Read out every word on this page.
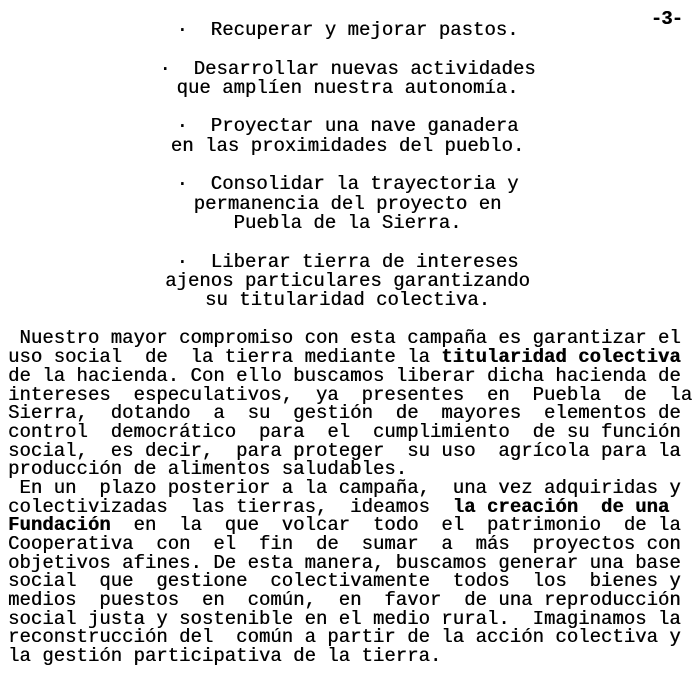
-3-
·  Recuperar y mejorar pastos.
·  Desarrollar nuevas actividades
que amplíen nuestra autonomía.
·  Proyectar una nave ganadera
en las proximidades del pueblo.
·  Consolidar la trayectoria y
permanencia del proyecto en
Puebla de la Sierra.
·  Liberar tierra de intereses
ajenos particulares garantizando
su titularidad colectiva.
Nuestro mayor compromiso con esta campaña es garantizar el
uso social  de  la tierra mediante la titularidad colectiva
de la hacienda. Con ello buscamos liberar dicha hacienda de
intereses  especulativos,  ya  presentes  en  Puebla  de  la
Sierra,  dotando  a  su  gestión  de  mayores  elementos de
control  democrático  para  el  cumplimiento  de su función
social,  es decir,  para proteger  su uso  agrícola para la
producción de alimentos saludables.
En un  plazo posterior a la campaña,  una vez adquiridas y
colectivizadas  las tierras,  ideamos  la creación  de una
Fundación  en  la  que  volcar  todo  el  patrimonio  de la
Cooperativa  con  el  fin  de  sumar  a  más  proyectos con
objetivos afines. De esta manera, buscamos generar una base
social  que  gestione  colectivamente  todos  los  bienes y
medios  puestos  en  común,  en  favor  de una reproducción
social justa y sostenible en el medio rural.  Imaginamos la
reconstrucción del  común a partir de la acción colectiva y
la gestión participativa de la tierra.
